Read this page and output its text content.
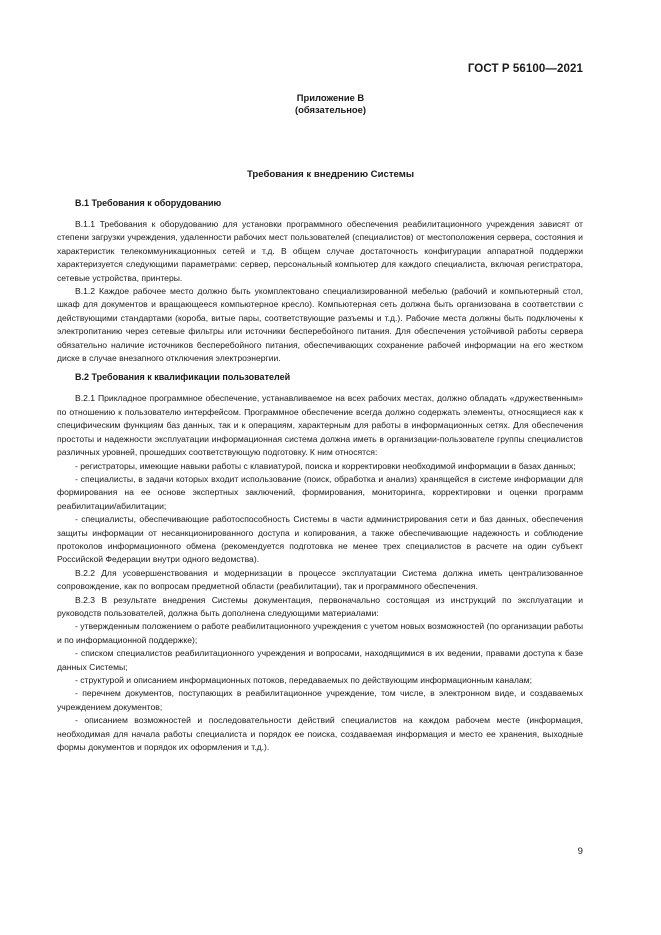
ГОСТ Р 56100—2021
Приложение В
(обязательное)
Требования к внедрению Системы
В.1 Требования к оборудованию

В.1.1 Требования к оборудованию для установки программного обеспечения реабилитационного учреждения зависят от степени загрузки учреждения, удаленности рабочих мест пользователей (специалистов) от местоположения сервера, состояния и характеристик телекоммуникационных сетей и т.д. В общем случае достаточность конфигурации аппаратной поддержки характеризуется следующими параметрами: сервер, персональный компьютер для каждого специалиста, включая регистратора, сетевые устройства, принтеры.

В.1.2 Каждое рабочее место должно быть укомплектовано специализированной мебелью (рабочий и компьютерный стол, шкаф для документов и вращающееся компьютерное кресло). Компьютерная сеть должна быть организована в соответствии с действующими стандартами (короба, витые пары, соответствующие разъемы и т.д.). Рабочие места должны быть подключены к электропитанию через сетевые фильтры или источники бесперебойного питания. Для обеспечения устойчивой работы сервера обязательно наличие источников бесперебойного питания, обеспечивающих сохранение рабочей информации на его жестком диске в случае внезапного отключения электроэнергии.

В.2 Требования к квалификации пользователей

В.2.1 Прикладное программное обеспечение, устанавливаемое на всех рабочих местах, должно обладать «дружественным» по отношению к пользователю интерфейсом. Программное обеспечение всегда должно содержать элементы, относящиеся как к специфическим функциям баз данных, так и к операциям, характерным для работы в информационных сетях. Для обеспечения простоты и надежности эксплуатации информационная система должна иметь в организации-пользователе группы специалистов различных уровней, прошедших соответствующую подготовку. К ним относятся:

- регистраторы, имеющие навыки работы с клавиатурой, поиска и корректировки необходимой информации в базах данных;

- специалисты, в задачи которых входит использование (поиск, обработка и анализ) хранящейся в системе информации для формирования на ее основе экспертных заключений, формирования, мониторинга, корректировки и оценки программ реабилитации/абилитации;

- специалисты, обеспечивающие работоспособность Системы в части администрирования сети и баз данных, обеспечения защиты информации от несанкционированного доступа и копирования, а также обеспечивающие надежность и соблюдение протоколов информационного обмена (рекомендуется подготовка не менее трех специалистов в расчете на один субъект Российской Федерации внутри одного ведомства).

В.2.2 Для усовершенствования и модернизации в процессе эксплуатации Система должна иметь централизованное сопровождение, как по вопросам предметной области (реабилитации), так и программного обеспечения.

В.2.3 В результате внедрения Системы документация, первоначально состоящая из инструкций по эксплуатации и руководств пользователей, должна быть дополнена следующими материалами:

- утвержденным положением о работе реабилитационного учреждения с учетом новых возможностей (по организации работы и по информационной поддержке);

- списком специалистов реабилитационного учреждения и вопросами, находящимися в их ведении, правами доступа к базе данных Системы;

- структурой и описанием информационных потоков, передаваемых по действующим информационным каналам;

- перечнем документов, поступающих в реабилитационное учреждение, том числе, в электронном виде, и создаваемых учреждением документов;

- описанием возможностей и последовательности действий специалистов на каждом рабочем месте (информация, необходимая для начала работы специалиста и порядок ее поиска, создаваемая информация и место ее хранения, выходные формы документов и порядок их оформления и т.д.).

9
